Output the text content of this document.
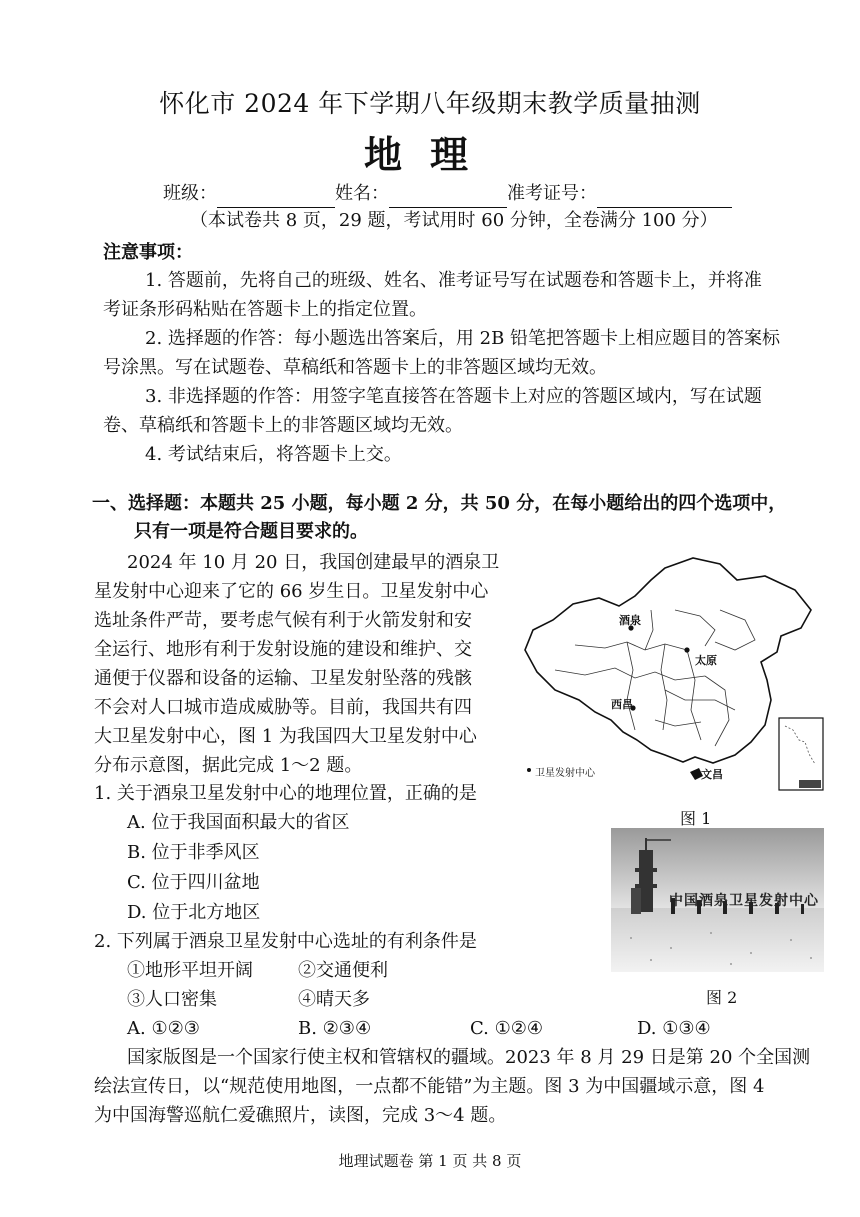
怀化市 2024 年下学期八年级期末教学质量抽测
地理
班级：	姓名：	准考证号：
（本试卷共 8 页，29 题，考试用时 60 分钟，全卷满分 100 分）
注意事项：
1. 答题前，先将自己的班级、姓名、准考证号写在试题卷和答题卡上，并将准
考证条形码粘贴在答题卡上的指定位置。
2. 选择题的作答：每小题选出答案后，用 2B 铅笔把答题卡上相应题目的答案标
号涂黑。写在试题卷、草稿纸和答题卡上的非答题区域均无效。
3. 非选择题的作答：用签字笔直接答在答题卡上对应的答题区域内，写在试题
卷、草稿纸和答题卡上的非答题区域均无效。
4. 考试结束后，将答题卡上交。
一、选择题：本题共 25 小题，每小题 2 分，共 50 分，在每小题给出的四个选项中，
只有一项是符合题目要求的。
2024 年 10 月 20 日，我国创建最早的酒泉卫
星发射中心迎来了它的 66 岁生日。卫星发射中心
选址条件严苛，要考虑气候有利于火箭发射和安
全运行、地形有利于发射设施的建设和维护、交
通便于仪器和设备的运输、卫星发射坠落的残骸
不会对人口城市造成威胁等。目前，我国共有四
大卫星发射中心，图 1 为我国四大卫星发射中心
分布示意图，据此完成 1～2 题。
1. 关于酒泉卫星发射中心的地理位置，正确的是
A. 位于我国面积最大的省区
B. 位于非季风区
C. 位于四川盆地
D. 位于北方地区
2. 下列属于酒泉卫星发射中心选址的有利条件是
①地形平坦开阔	②交通便利
③人口密集	④晴天多
A. ①②③	B. ②③④	C. ①②④	D. ①③④
国家版图是一个国家行使主权和管辖权的疆域。2023 年 8 月 29 日是第 20 个全国测
绘法宣传日，以“规范使用地图，一点都不能错”为主题。图 3 为中国疆域示意，图 4
为中国海警巡航仁爱礁照片，读图，完成 3～4 题。
酒泉
太原
西昌
文昌
卫星发射中心
图 1
中国酒泉卫星发射中心
图 2
地理试题卷 第 1 页 共 8 页
